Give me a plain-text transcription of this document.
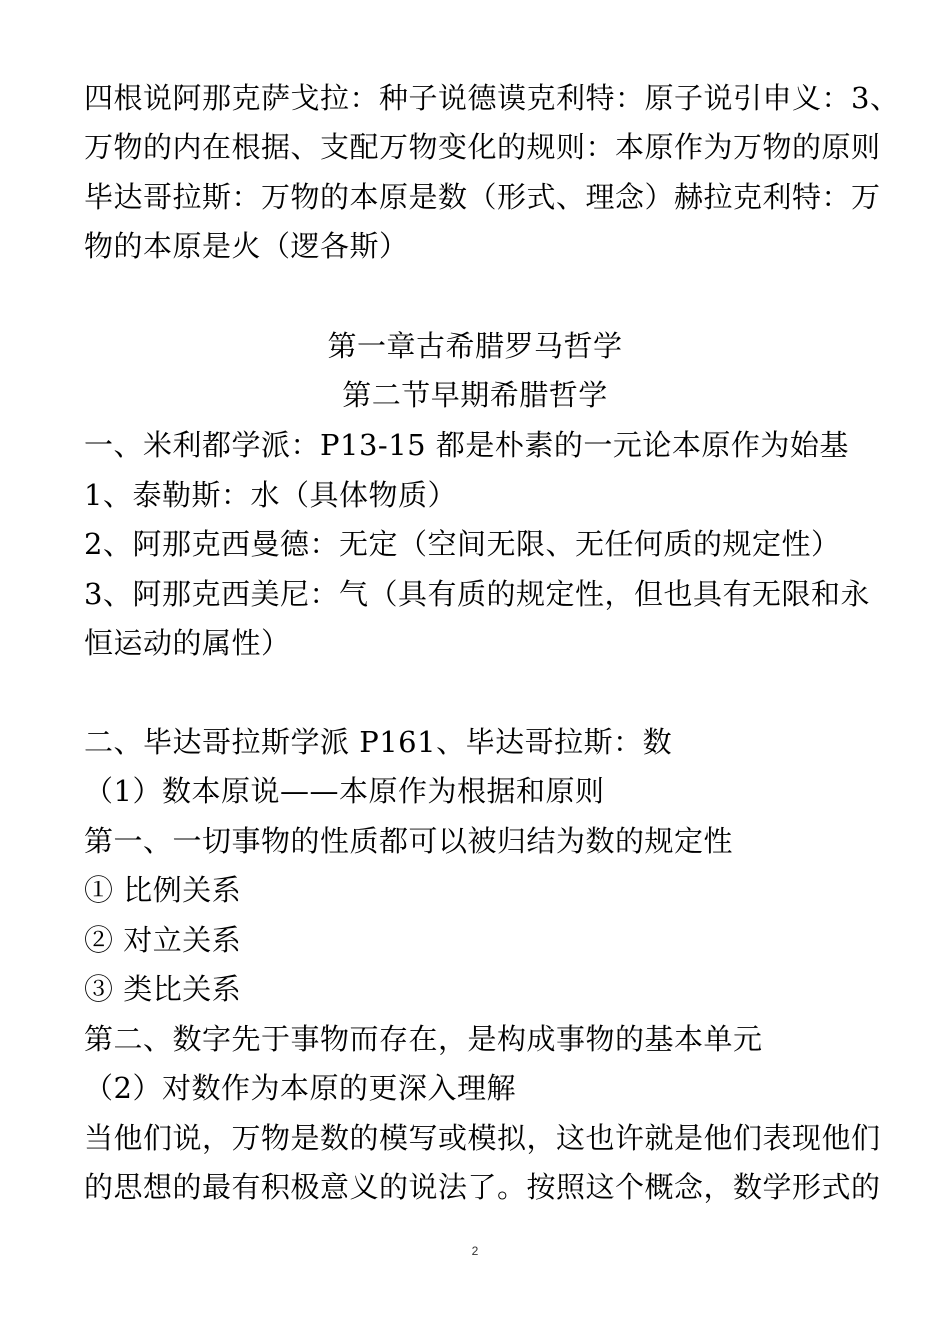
四根说阿那克萨戈拉：种子说德谟克利特：原子说引申义：3、
万物的内在根据、支配万物变化的规则：本原作为万物的原则
毕达哥拉斯：万物的本原是数（形式、理念）赫拉克利特：万
物的本原是火（逻各斯）
第一章古希腊罗马哲学
第二节早期希腊哲学
一、米利都学派：P13-15 都是朴素的一元论本原作为始基
1、泰勒斯：水（具体物质）
2、阿那克西曼德：无定（空间无限、无任何质的规定性）
3、阿那克西美尼：气（具有质的规定性，但也具有无限和永
恒运动的属性）
二、毕达哥拉斯学派 P161、毕达哥拉斯：数
（1）数本原说——本原作为根据和原则
第一、一切事物的性质都可以被归结为数的规定性
① 比例关系
② 对立关系
③ 类比关系
第二、数字先于事物而存在，是构成事物的基本单元
（2）对数作为本原的更深入理解
当他们说，万物是数的模写或模拟，这也许就是他们表现他们
的思想的最有积极意义的说法了。按照这个概念，数学形式的
2
